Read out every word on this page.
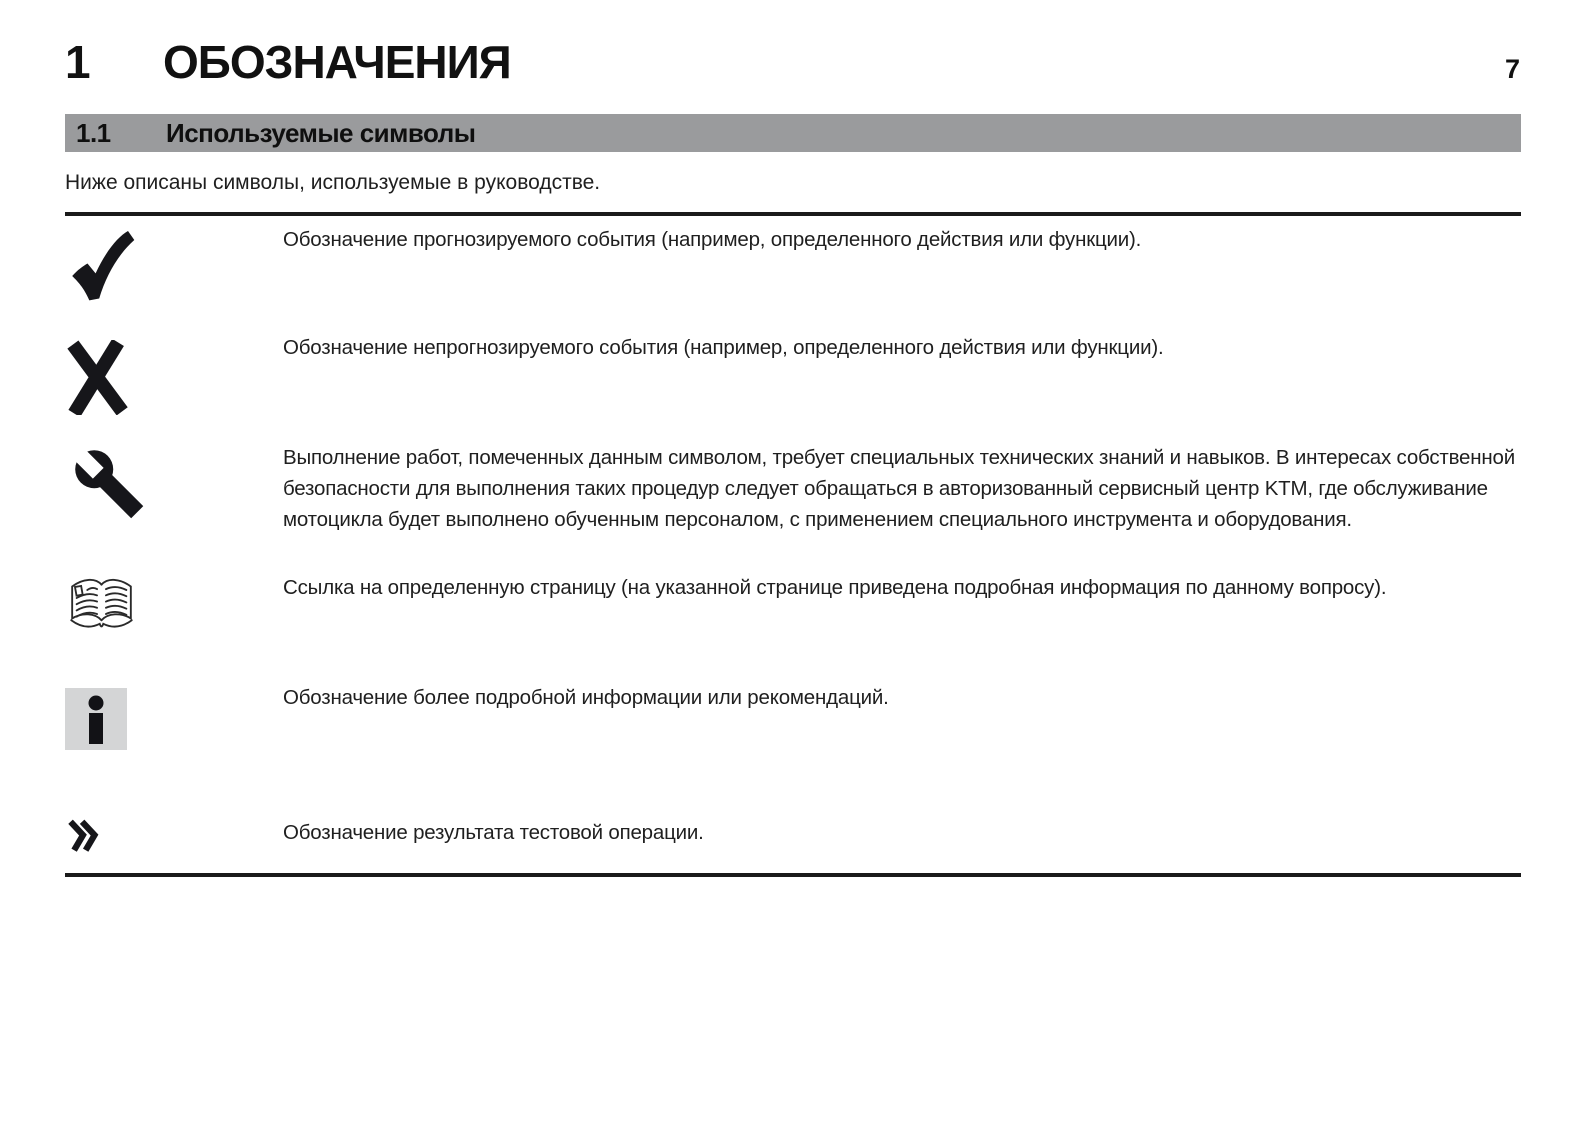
1	ОБОЗНАЧЕНИЯ
1.1	Используемые символы

Ниже описаны символы, используемые в руководстве.

Обозначение прогнозируемого события (например, определенного действия или функции).
Обозначение непрогнозируемого события (например, определенного действия или функции).
Выполнение работ, помеченных данным символом, требует специальных технических знаний и навыков. В интересах собственной безопасности для выполнения таких процедур следует обращаться в авторизованный сервисный центр KTM, где обслуживание мотоцикла будет выполнено обученным персоналом, с применением специального инструмента и оборудования.
Ссылка на определенную страницу (на указанной странице приведена подробная информация по данному вопросу).
Обозначение более подробной информации или рекомендаций.
Обозначение результата тестовой операции.
7
